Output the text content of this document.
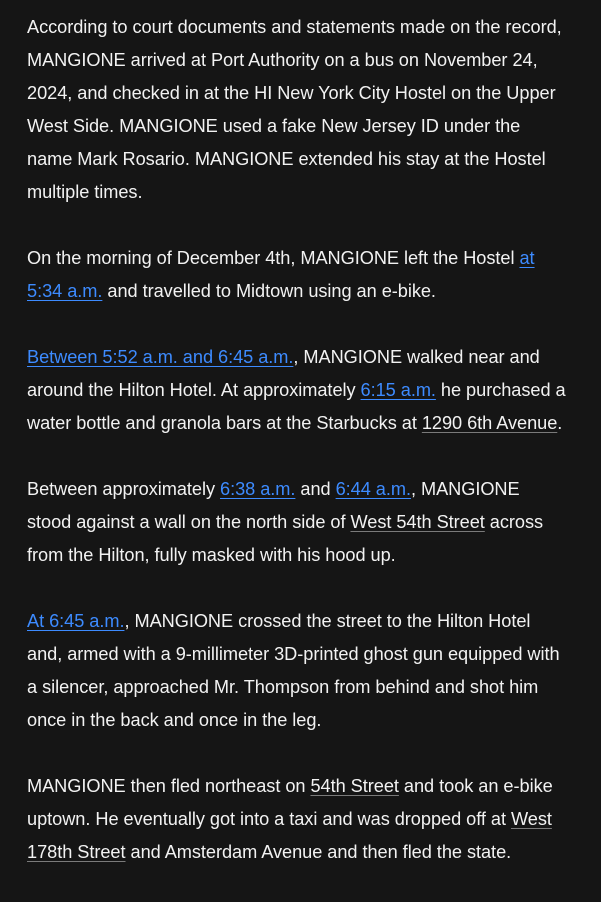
According to court documents and statements made on the record,
MANGIONE arrived at Port Authority on a bus on November 24,
2024, and checked in at the HI New York City Hostel on the Upper
West Side. MANGIONE used a fake New Jersey ID under the
name Mark Rosario. MANGIONE extended his stay at the Hostel
multiple times.

On the morning of December 4th, MANGIONE left the Hostel at
5:34 a.m. and travelled to Midtown using an e-bike.

Between 5:52 a.m. and 6:45 a.m., MANGIONE walked near and
around the Hilton Hotel. At approximately 6:15 a.m. he purchased a
water bottle and granola bars at the Starbucks at 1290 6th Avenue.

Between approximately 6:38 a.m. and 6:44 a.m., MANGIONE
stood against a wall on the north side of West 54th Street across
from the Hilton, fully masked with his hood up.

At 6:45 a.m., MANGIONE crossed the street to the Hilton Hotel
and, armed with a 9-millimeter 3D-printed ghost gun equipped with
a silencer, approached Mr. Thompson from behind and shot him
once in the back and once in the leg.

MANGIONE then fled northeast on 54th Street and took an e-bike
uptown. He eventually got into a taxi and was dropped off at West
178th Street and Amsterdam Avenue and then fled the state.
